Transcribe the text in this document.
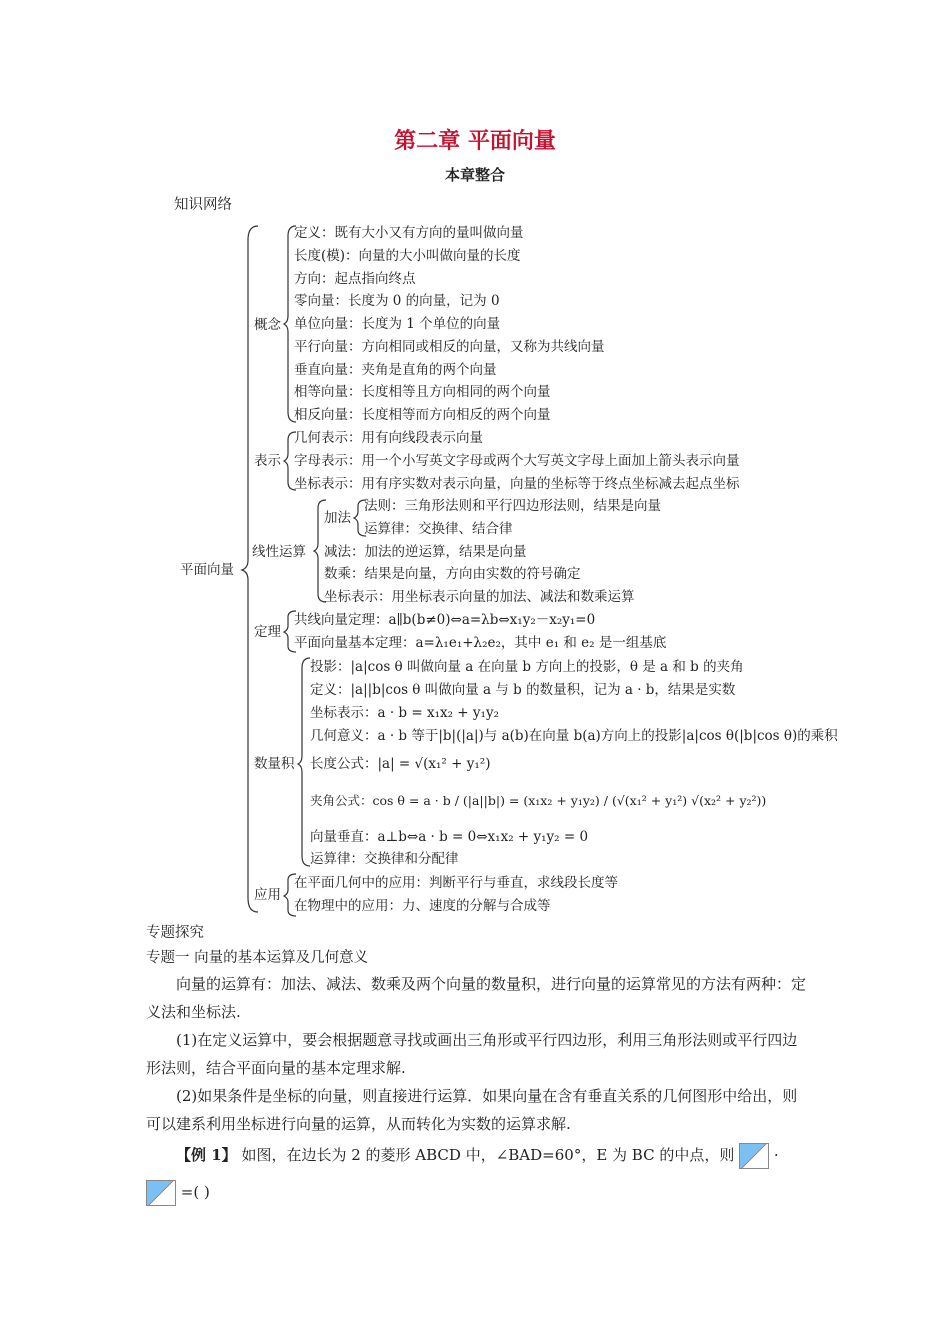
第二章 平面向量
本章整合
知识网络
平面向量
概念
定义：既有大小又有方向的量叫做向量
长度(模)：向量的大小叫做向量的长度
方向：起点指向终点
零向量：长度为 0 的向量，记为 0
单位向量：长度为 1 个单位的向量
平行向量：方向相同或相反的向量，又称为共线向量
垂直向量：夹角是直角的两个向量
相等向量：长度相等且方向相同的两个向量
相反向量：长度相等而方向相反的两个向量
表示
几何表示：用有向线段表示向量
字母表示：用一个小写英文字母或两个大写英文字母上面加上箭头表示向量
坐标表示：用有序实数对表示向量，向量的坐标等于终点坐标减去起点坐标
线性运算
加法
法则：三角形法则和平行四边形法则，结果是向量
运算律：交换律、结合律
减法：加法的逆运算，结果是向量
数乘：结果是向量，方向由实数的符号确定
坐标表示：用坐标表示向量的加法、减法和数乘运算
定理
共线向量定理：a∥b(b≠0)⇔a=λb⇔x₁y₂－x₂y₁=0
平面向量基本定理：a=λ₁e₁+λ₂e₂，其中 e₁ 和 e₂ 是一组基底
数量积
投影：|a|cos θ 叫做向量 a 在向量 b 方向上的投影，θ 是 a 和 b 的夹角
定义：|a||b|cos θ 叫做向量 a 与 b 的数量积，记为 a · b，结果是实数
坐标表示：a · b = x₁x₂ + y₁y₂
几何意义：a · b 等于|b|(|a|)与 a(b)在向量 b(a)方向上的投影|a|cos θ(|b|cos θ)的乘积
长度公式：|a| = √(x₁² + y₁²)
夹角公式：cos θ = a · b / (|a||b|) = (x₁x₂ + y₁y₂) / (√(x₁² + y₁²) √(x₂² + y₂²))
向量垂直：a⊥b⇔a · b = 0⇔x₁x₂ + y₁y₂ = 0
运算律：交换律和分配律
应用
在平面几何中的应用：判断平行与垂直，求线段长度等
在物理中的应用：力、速度的分解与合成等
专题探究
专题一 向量的基本运算及几何意义
向量的运算有：加法、减法、数乘及两个向量的数量积，进行向量的运算常见的方法有两种：定义法和坐标法.
(1)在定义运算中，要会根据题意寻找或画出三角形或平行四边形，利用三角形法则或平行四边形法则，结合平面向量的基本定理求解.
(2)如果条件是坐标的向量，则直接进行运算．如果向量在含有垂直关系的几何图形中给出，则可以建系利用坐标进行向量的运算，从而转化为实数的运算求解.
【例 1】 如图，在边长为 2 的菱形 ABCD 中，∠BAD=60°，E 为 BC 的中点，则	·
=( )
